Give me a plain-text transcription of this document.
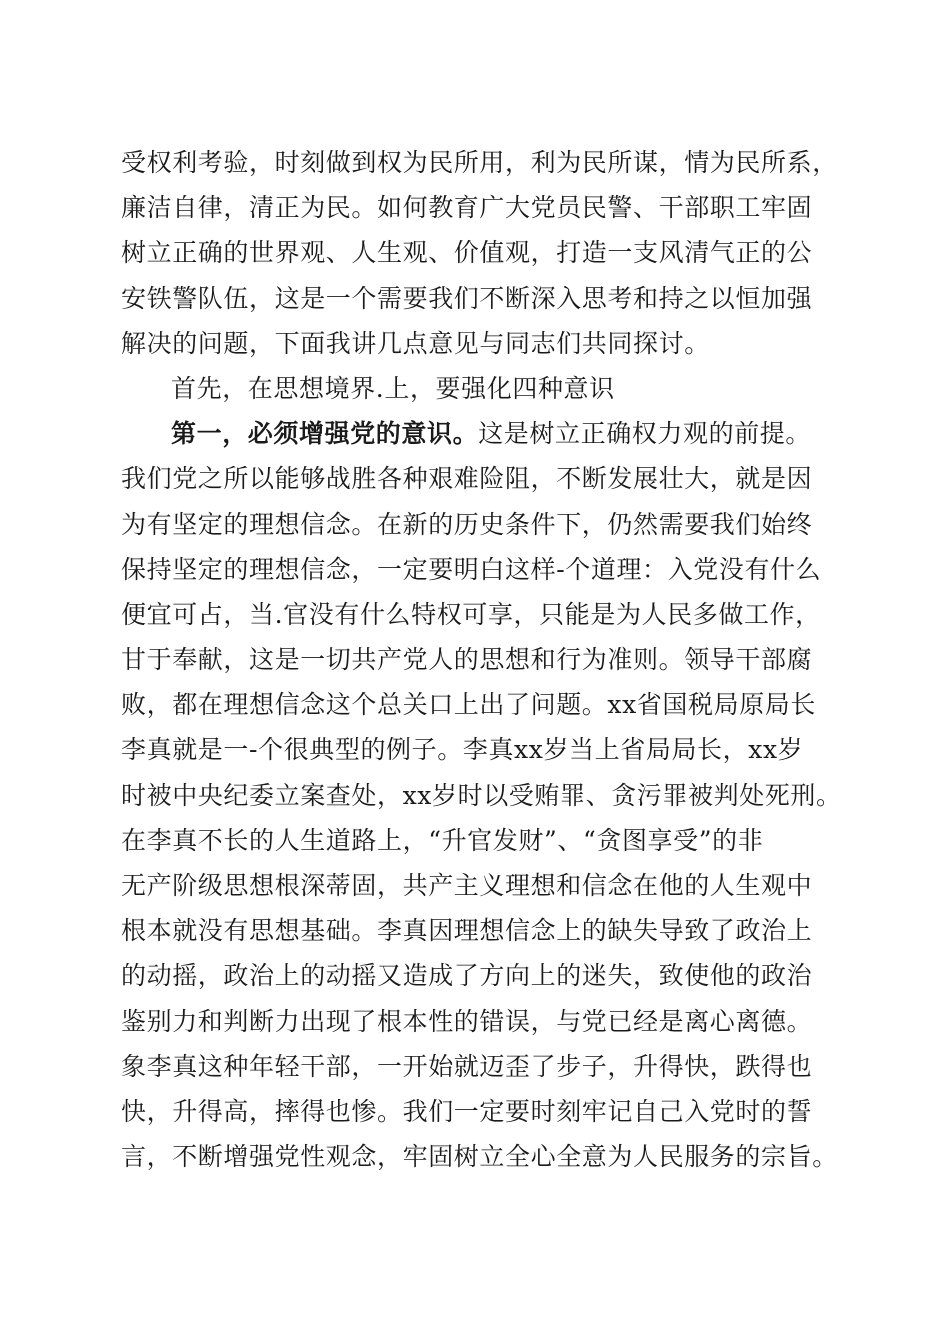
受权利考验，时刻做到权为民所用，利为民所谋，情为民所系，
廉洁自律，清正为民。如何教育广大党员民警、干部职工牢固
树立正确的世界观、人生观、价值观，打造一支风清气正的公
安铁警队伍，这是一个需要我们不断深入思考和持之以恒加强
解决的问题，下面我讲几点意见与同志们共同探讨。
首先，在思想境界.上，要强化四种意识
第一，必须增强党的意识。这是树立正确权力观的前提。
我们党之所以能够战胜各种艰难险阻，不断发展壮大，就是因
为有坚定的理想信念。在新的历史条件下，仍然需要我们始终
保持坚定的理想信念，一定要明白这样-个道理：入党没有什么
便宜可占，当.官没有什么特权可享，只能是为人民多做工作，
甘于奉献，这是一切共产党人的思想和行为准则。领导干部腐
败，都在理想信念这个总关口上出了问题。xx省国税局原局长
李真就是一-个很典型的例子。李真xx岁当上省局局长，xx岁
时被中央纪委立案查处，xx岁时以受贿罪、贪污罪被判处死刑。
在李真不长的人生道路上，“升官发财”、“贪图享受”的非
无产阶级思想根深蒂固，共产主义理想和信念在他的人生观中
根本就没有思想基础。李真因理想信念上的缺失导致了政治上
的动摇，政治上的动摇又造成了方向上的迷失，致使他的政治
鉴别力和判断力出现了根本性的错误，与党已经是离心离德。
象李真这种年轻干部，一开始就迈歪了步子，升得快，跌得也
快，升得高，摔得也惨。我们一定要时刻牢记自己入党时的誓
言，不断增强党性观念，牢固树立全心全意为人民服务的宗旨。
